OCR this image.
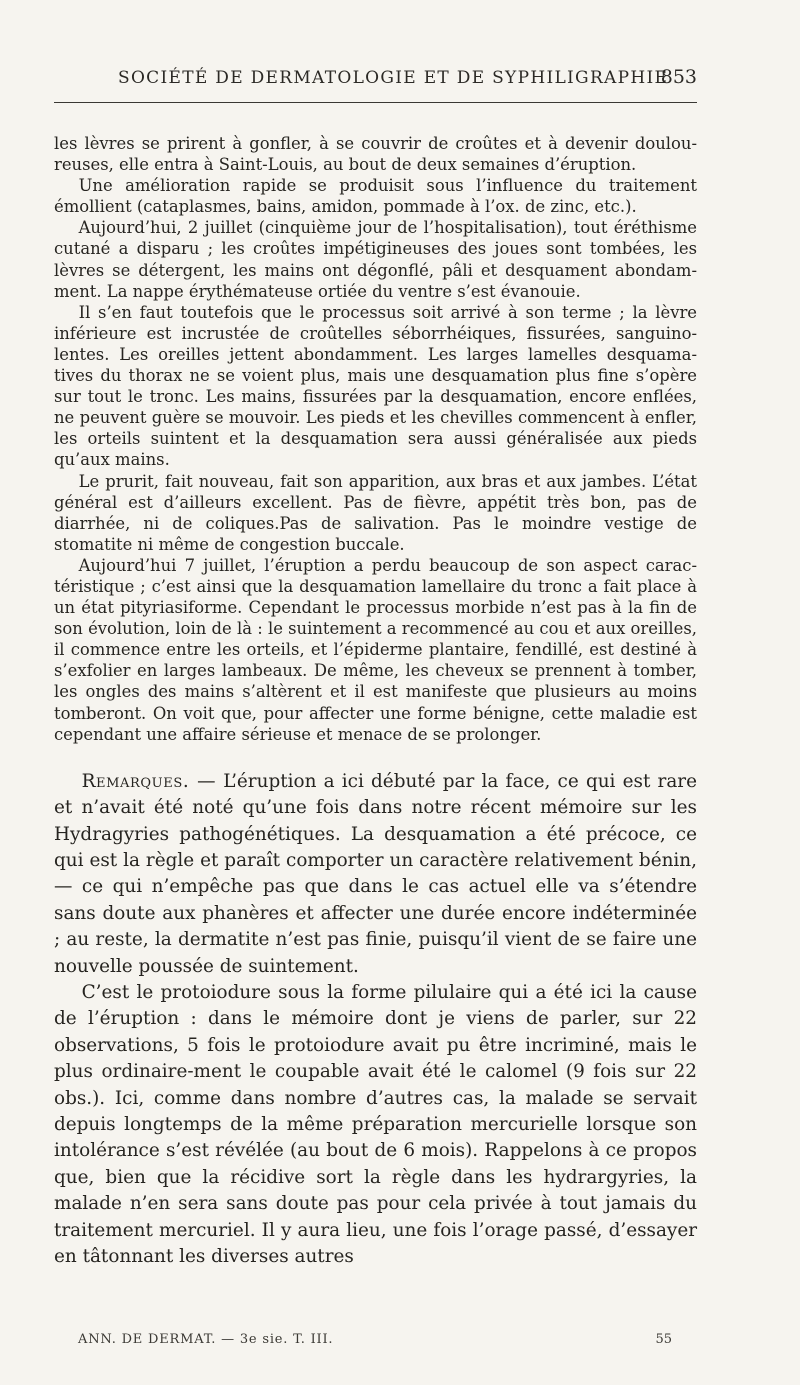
SOCIÉTÉ DE DERMATOLOGIE ET DE SYPHILIGRAPHIE
853

les lèvres se prirent à gonfler, à se couvrir de croûtes et à devenir doulou-reuses, elle entra à Saint-Louis, au bout de deux semaines d’éruption.

Une amélioration rapide se produisit sous l’influence du traitement émollient (cataplasmes, bains, amidon, pommade à l’ox. de zinc, etc.).

Aujourd’hui, 2 juillet (cinquième jour de l’hospitalisation), tout éréthisme cutané a disparu ; les croûtes impétigineuses des joues sont tombées, les lèvres se détergent, les mains ont dégonflé, pâli et desquament abondam-ment. La nappe érythémateuse ortiée du ventre s’est évanouie.

Il s’en faut toutefois que le processus soit arrivé à son terme ; la lèvre inférieure est incrustée de croûtelles séborrhéiques, fissurées, sanguino-lentes. Les oreilles jettent abondamment. Les larges lamelles desquama-tives du thorax ne se voient plus, mais une desquamation plus fine s’opère sur tout le tronc. Les mains, fissurées par la desquamation, encore enflées, ne peuvent guère se mouvoir. Les pieds et les chevilles commencent à enfler, les orteils suintent et la desquamation sera aussi généralisée aux pieds qu’aux mains.

Le prurit, fait nouveau, fait son apparition, aux bras et aux jambes. L’état général est d’ailleurs excellent. Pas de fièvre, appétit très bon, pas de diarrhée, ni de coliques.Pas de salivation. Pas le moindre vestige de stomatite ni même de congestion buccale.

Aujourd’hui 7 juillet, l’éruption a perdu beaucoup de son aspect carac-téristique ; c’est ainsi que la desquamation lamellaire du tronc a fait place à un état pityriasiforme. Cependant le processus morbide n’est pas à la fin de son évolution, loin de là : le suintement a recommencé au cou et aux oreilles, il commence entre les orteils, et l’épiderme plantaire, fendillé, est destiné à s’exfolier en larges lambeaux. De même, les cheveux se prennent à tomber, les ongles des mains s’altèrent et il est manifeste que plusieurs au moins tomberont. On voit que, pour affecter une forme bénigne, cette maladie est cependant une affaire sérieuse et menace de se prolonger.

Remarques. — L’éruption a ici débuté par la face, ce qui est rare et n’avait été noté qu’une fois dans notre récent mémoire sur les Hydragyries pathogénétiques. La desquamation a été précoce, ce qui est la règle et paraît comporter un caractère relativement bénin, — ce qui n’empêche pas que dans le cas actuel elle va s’étendre sans doute aux phanères et affecter une durée encore indéterminée ; au reste, la dermatite n’est pas finie, puisqu’il vient de se faire une nouvelle poussée de suintement.

C’est le protoiodure sous la forme pilulaire qui a été ici la cause de l’éruption : dans le mémoire dont je viens de parler, sur 22 observations, 5 fois le protoiodure avait pu être incriminé, mais le plus ordinaire-ment le coupable avait été le calomel (9 fois sur 22 obs.). Ici, comme dans nombre d’autres cas, la malade se servait depuis longtemps de la même préparation mercurielle lorsque son intolérance s’est révélée (au bout de 6 mois). Rappelons à ce propos que, bien que la récidive sort la règle dans les hydrargyries, la malade n’en sera sans doute pas pour cela privée à tout jamais du traitement mercuriel. Il y aura lieu, une fois l’orage passé, d’essayer en tâtonnant les diverses autres

ANN. DE DERMAT. — 3e sie. T. III.	55
